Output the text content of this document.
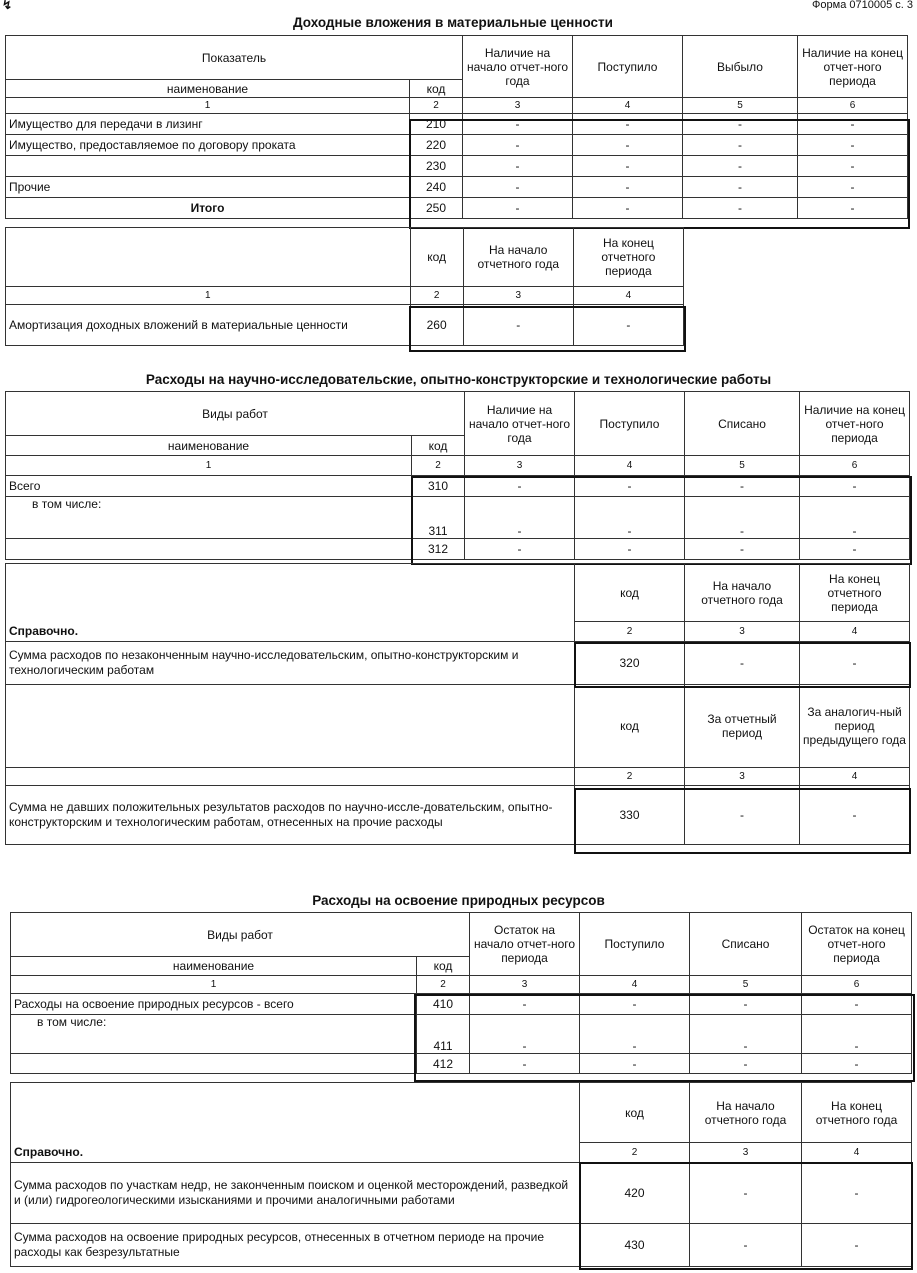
↯	Форма 0710005 с. 3
Доходные вложения в материальные ценности
Показатель		Наличие на начало отчет-ного года	Поступило	Выбыло	Наличие на конец отчет-ного периода
наименование	код				
1	2	3	4	5	6
Имущество для передачи в лизинг	210	-	-	-	-
Имущество, предоставляемое по договору проката	220	-	-	-	-
	230	-	-	-	-
Прочие	240	-	-	-	-
Итого	250	-	-	-	-
	код	На начало отчетного года	На конец отчетного периода
1	2	3	4
Амортизация доходных вложений в материальные ценности	260	-	-
Расходы на научно-исследовательские, опытно-конструкторские и технологические работы
Виды работ		Наличие на начало отчет-ного года	Поступило	Списано	Наличие на конец отчет-ного периода
наименование	код				
1	2	3	4	5	6
Всего	310	-	-	-	-
в том числе:	311	-	-	-	-
	312	-	-	-	-
	код	На начало отчетного года	На конец отчетного периода
Справочно.	2	3	4
Сумма расходов по незаконченным научно-исследовательским, опытно-конструкторским и технологическим работам	320	-	-
	код	За отчетный период	За аналогич-ный период предыдущего года
	2	3	4
Сумма не давших положительных результатов расходов по научно-иссле-довательским, опытно-конструкторским и технологическим работам, отнесенных на прочие расходы	330	-	-
Расходы на освоение природных ресурсов
Виды работ		Остаток на начало отчет-ного периода	Поступило	Списано	Остаток на конец отчет-ного периода
наименование	код				
1	2	3	4	5	6
Расходы на освоение природных ресурсов - всего	410	-	-	-	-
в том числе:	411	-	-	-	-
	412	-	-	-	-
	код	На начало отчетного года	На конец отчетного года
Справочно.	2	3	4
Сумма расходов по участкам недр, не законченным поиском и оценкой месторождений, разведкой и (или) гидрогеологическими изысканиями и прочими аналогичными работами	420	-	-
Сумма расходов на освоение природных ресурсов, отнесенных в отчетном периоде на прочие расходы как безрезультатные	430	-	-
